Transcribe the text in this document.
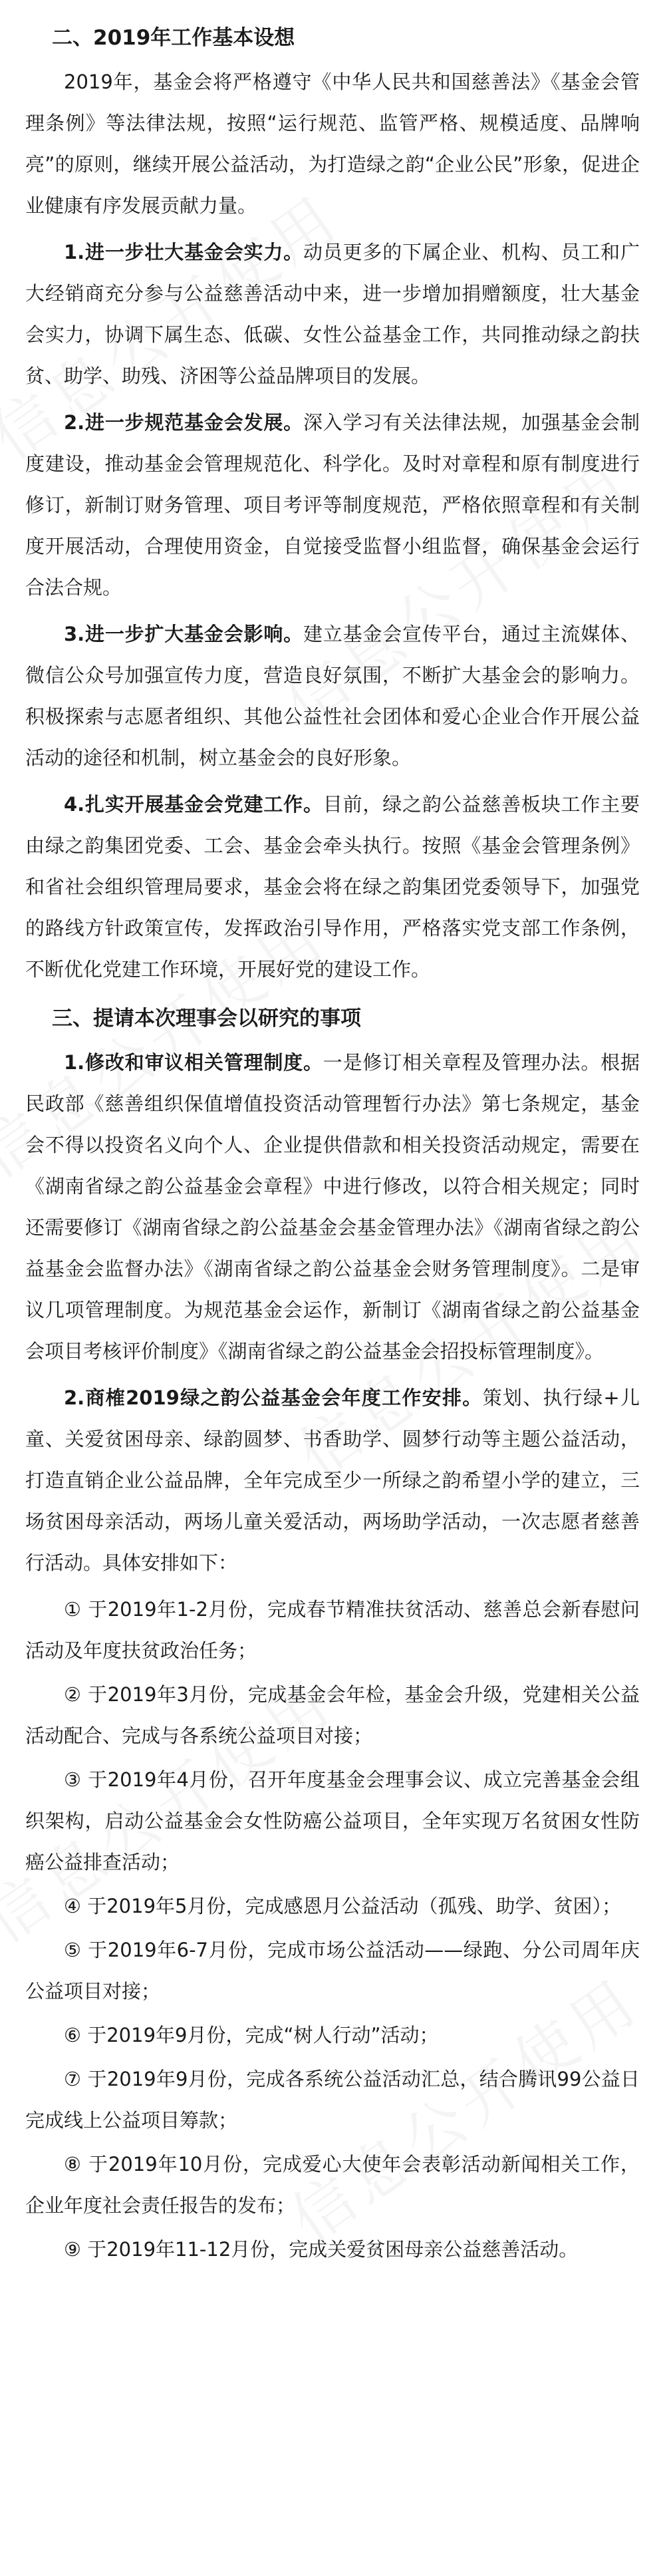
二、2019年工作基本设想

2019年，基金会将严格遵守《中华人民共和国慈善法》《基金会管理条例》等法律法规，按照“运行规范、监管严格、规模适度、品牌响亮”的原则，继续开展公益活动，为打造绿之韵“企业公民”形象，促进企业健康有序发展贡献力量。

1.进一步壮大基金会实力。动员更多的下属企业、机构、员工和广大经销商充分参与公益慈善活动中来，进一步增加捐赠额度，壮大基金会实力，协调下属生态、低碳、女性公益基金工作，共同推动绿之韵扶贫、助学、助残、济困等公益品牌项目的发展。

2.进一步规范基金会发展。深入学习有关法律法规，加强基金会制度建设，推动基金会管理规范化、科学化。及时对章程和原有制度进行修订，新制订财务管理、项目考评等制度规范，严格依照章程和有关制度开展活动，合理使用资金，自觉接受监督小组监督，确保基金会运行合法合规。

3.进一步扩大基金会影响。建立基金会宣传平台，通过主流媒体、微信公众号加强宣传力度，营造良好氛围，不断扩大基金会的影响力。积极探索与志愿者组织、其他公益性社会团体和爱心企业合作开展公益活动的途径和机制，树立基金会的良好形象。

4.扎实开展基金会党建工作。目前，绿之韵公益慈善板块工作主要由绿之韵集团党委、工会、基金会牵头执行。按照《基金会管理条例》和省社会组织管理局要求，基金会将在绿之韵集团党委领导下，加强党的路线方针政策宣传，发挥政治引导作用，严格落实党支部工作条例，不断优化党建工作环境，开展好党的建设工作。

三、提请本次理事会以研究的事项

1.修改和审议相关管理制度。一是修订相关章程及管理办法。根据民政部《慈善组织保值增值投资活动管理暂行办法》第七条规定，基金会不得以投资名义向个人、企业提供借款和相关投资活动规定，需要在《湖南省绿之韵公益基金会章程》中进行修改，以符合相关规定；同时还需要修订《湖南省绿之韵公益基金会基金管理办法》《湖南省绿之韵公益基金会监督办法》《湖南省绿之韵公益基金会财务管理制度》。二是审议几项管理制度。为规范基金会运作，新制订《湖南省绿之韵公益基金会项目考核评价制度》《湖南省绿之韵公益基金会招投标管理制度》。

2.商榷2019绿之韵公益基金会年度工作安排。策划、执行绿+儿童、关爱贫困母亲、绿韵圆梦、书香助学、圆梦行动等主题公益活动，打造直销企业公益品牌，全年完成至少一所绿之韵希望小学的建立，三场贫困母亲活动，两场儿童关爱活动，两场助学活动，一次志愿者慈善行活动。具体安排如下：

① 于2019年1-2月份，完成春节精准扶贫活动、慈善总会新春慰问活动及年度扶贫政治任务；

② 于2019年3月份，完成基金会年检，基金会升级，党建相关公益活动配合、完成与各系统公益项目对接；

③ 于2019年4月份，召开年度基金会理事会议、成立完善基金会组织架构，启动公益基金会女性防癌公益项目，全年实现万名贫困女性防癌公益排查活动；

④ 于2019年5月份，完成感恩月公益活动（孤残、助学、贫困）；

⑤ 于2019年6-7月份，完成市场公益活动——绿跑、分公司周年庆公益项目对接；

⑥ 于2019年9月份，完成“树人行动”活动；

⑦ 于2019年9月份，完成各系统公益活动汇总，结合腾讯99公益日完成线上公益项目筹款；

⑧ 于2019年10月份，完成爱心大使年会表彰活动新闻相关工作，企业年度社会责任报告的发布；

⑨ 于2019年11-12月份，完成关爱贫困母亲公益慈善活动。
